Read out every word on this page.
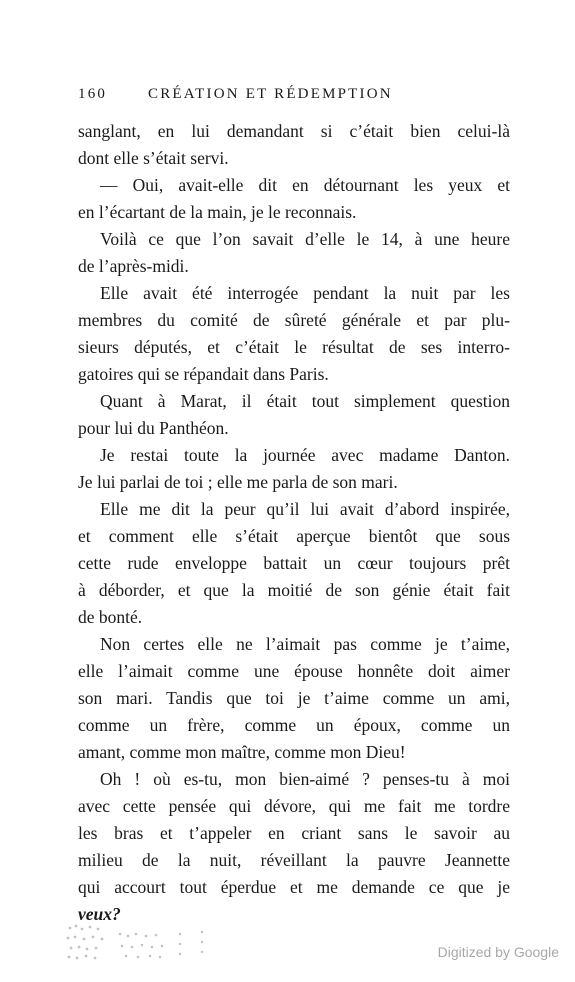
160	CRÉATION ET RÉDEMPTION
sanglant, en lui demandant si c’était bien celui-là
dont elle s’était servi.
— Oui, avait-elle dit en détournant les yeux et
en l’écartant de la main, je le reconnais.
Voilà ce que l’on savait d’elle le 14, à une heure
de l’après-midi.
Elle avait été interrogée pendant la nuit par les
membres du comité de sûreté générale et par plu-
sieurs députés, et c’était le résultat de ses interro-
gatoires qui se répandait dans Paris.
Quant à Marat, il était tout simplement question
pour lui du Panthéon.
Je restai toute la journée avec madame Danton.
Je lui parlai de toi ; elle me parla de son mari.
Elle me dit la peur qu’il lui avait d’abord inspirée,
et comment elle s’était aperçue bientôt que sous
cette rude enveloppe battait un cœur toujours prêt
à déborder, et que la moitié de son génie était fait
de bonté.
Non certes elle ne l’aimait pas comme je t’aime,
elle l’aimait comme une épouse honnête doit aimer
son mari. Tandis que toi je t’aime comme un ami,
comme un frère, comme un époux, comme un
amant, comme mon maître, comme mon Dieu!
Oh ! où es-tu, mon bien-aimé ? penses-tu à moi
avec cette pensée qui dévore, qui me fait me tordre
les bras et t’appeler en criant sans le savoir au
milieu de la nuit, réveillant la pauvre Jeannette
qui accourt tout éperdue et me demande ce que je
veux?
Digitized by Google
